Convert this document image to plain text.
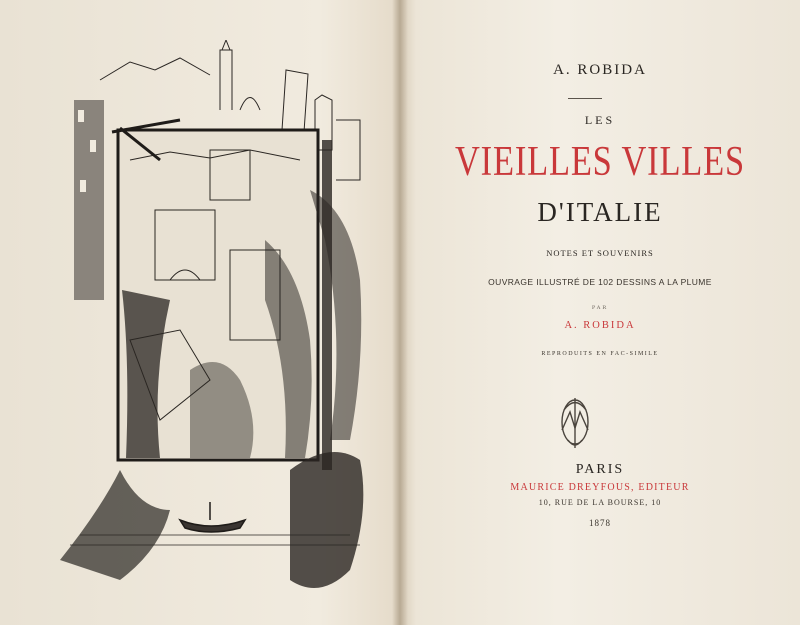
A. ROBIDA
LES
VIEILLES VILLES
D'ITALIE
NOTES ET SOUVENIRS
OUVRAGE ILLUSTRÉ DE 102 DESSINS A LA PLUME
PAR
A. ROBIDA
REPRODUITS EN FAC-SIMILE
PARIS
MAURICE DREYFOUS, EDITEUR
10, RUE DE LA BOURSE, 10
1878
